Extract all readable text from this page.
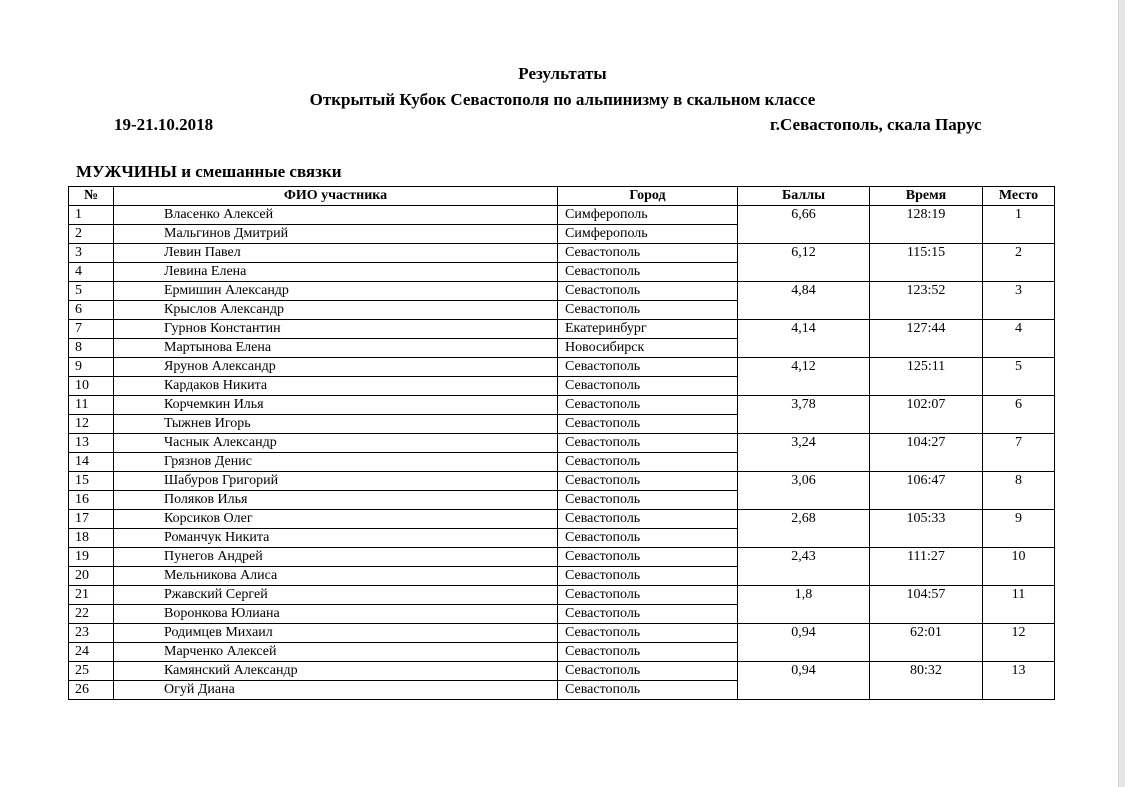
Результаты
Открытый Кубок Севастополя по альпинизму в скальном классе
19-21.10.2018	г.Севастополь, скала Парус
МУЖЧИНЫ и смешанные связки
№	ФИО участника	Город	Баллы	Время	Место
1	Власенко Алексей	Симферополь	6,66	128:19	1
2	Мальгинов Дмитрий	Симферополь			
3	Левин Павел	Севастополь	6,12	115:15	2
4	Левина Елена	Севастополь			
5	Ермишин Александр	Севастополь	4,84	123:52	3
6	Крыслов Александр	Севастополь			
7	Гурнов Константин	Екатеринбург	4,14	127:44	4
8	Мартынова Елена	Новосибирск			
9	Ярунов Александр	Севастополь	4,12	125:11	5
10	Кардаков Никита	Севастополь			
11	Корчемкин Илья	Севастополь	3,78	102:07	6
12	Тыжнев Игорь	Севастополь			
13	Часнык Александр	Севастополь	3,24	104:27	7
14	Грязнов Денис	Севастополь			
15	Шабуров Григорий	Севастополь	3,06	106:47	8
16	Поляков Илья	Севастополь			
17	Корсиков Олег	Севастополь	2,68	105:33	9
18	Романчук Никита	Севастополь			
19	Пунегов Андрей	Севастополь	2,43	111:27	10
20	Мельникова Алиса	Севастополь			
21	Ржавский Сергей	Севастополь	1,8	104:57	11
22	Воронкова Юлиана	Севастополь			
23	Родимцев Михаил	Севастополь	0,94	62:01	12
24	Марченко Алексей	Севастополь			
25	Камянский Александр	Севастополь	0,94	80:32	13
26	Огуй Диана	Севастополь			
